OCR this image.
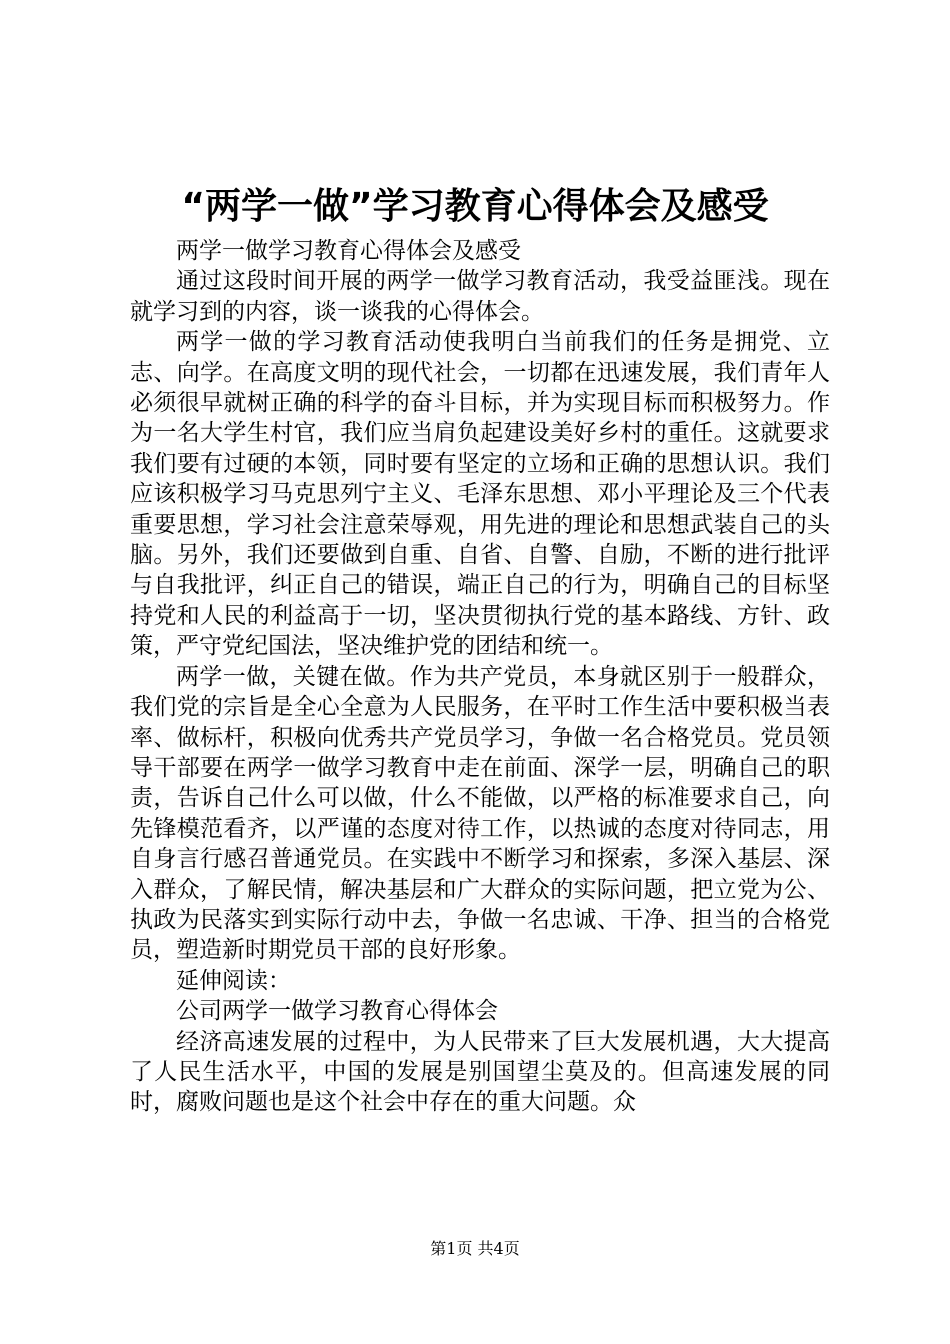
“两学一做”学习教育心得体会及感受

两学一做学习教育心得体会及感受

通过这段时间开展的两学一做学习教育活动，我受益匪浅。现在就学习到的内容，谈一谈我的心得体会。

两学一做的学习教育活动使我明白当前我们的任务是拥党、立志、向学。在高度文明的现代社会，一切都在迅速发展，我们青年人必须很早就树正确的科学的奋斗目标，并为实现目标而积极努力。作为一名大学生村官，我们应当肩负起建设美好乡村的重任。这就要求我们要有过硬的本领，同时要有坚定的立场和正确的思想认识。我们应该积极学习马克思列宁主义、毛泽东思想、邓小平理论及三个代表重要思想，学习社会注意荣辱观，用先进的理论和思想武装自己的头脑。另外，我们还要做到自重、自省、自警、自励，不断的进行批评与自我批评，纠正自己的错误，端正自己的行为，明确自己的目标坚持党和人民的利益高于一切，坚决贯彻执行党的基本路线、方针、政策，严守党纪国法，坚决维护党的团结和统一。

两学一做，关键在做。作为共产党员，本身就区别于一般群众，我们党的宗旨是全心全意为人民服务，在平时工作生活中要积极当表率、做标杆，积极向优秀共产党员学习，争做一名合格党员。党员领导干部要在两学一做学习教育中走在前面、深学一层，明确自己的职责，告诉自己什么可以做，什么不能做，以严格的标准要求自己，向先锋模范看齐，以严谨的态度对待工作，以热诚的态度对待同志，用自身言行感召普通党员。在实践中不断学习和探索，多深入基层、深入群众，了解民情，解决基层和广大群众的实际问题，把立党为公、执政为民落实到实际行动中去，争做一名忠诚、干净、担当的合格党员，塑造新时期党员干部的良好形象。

延伸阅读：

公司两学一做学习教育心得体会

经济高速发展的过程中，为人民带来了巨大发展机遇，大大提高了人民生活水平，中国的发展是别国望尘莫及的。但高速发展的同时，腐败问题也是这个社会中存在的重大问题。众

第1页 共4页
